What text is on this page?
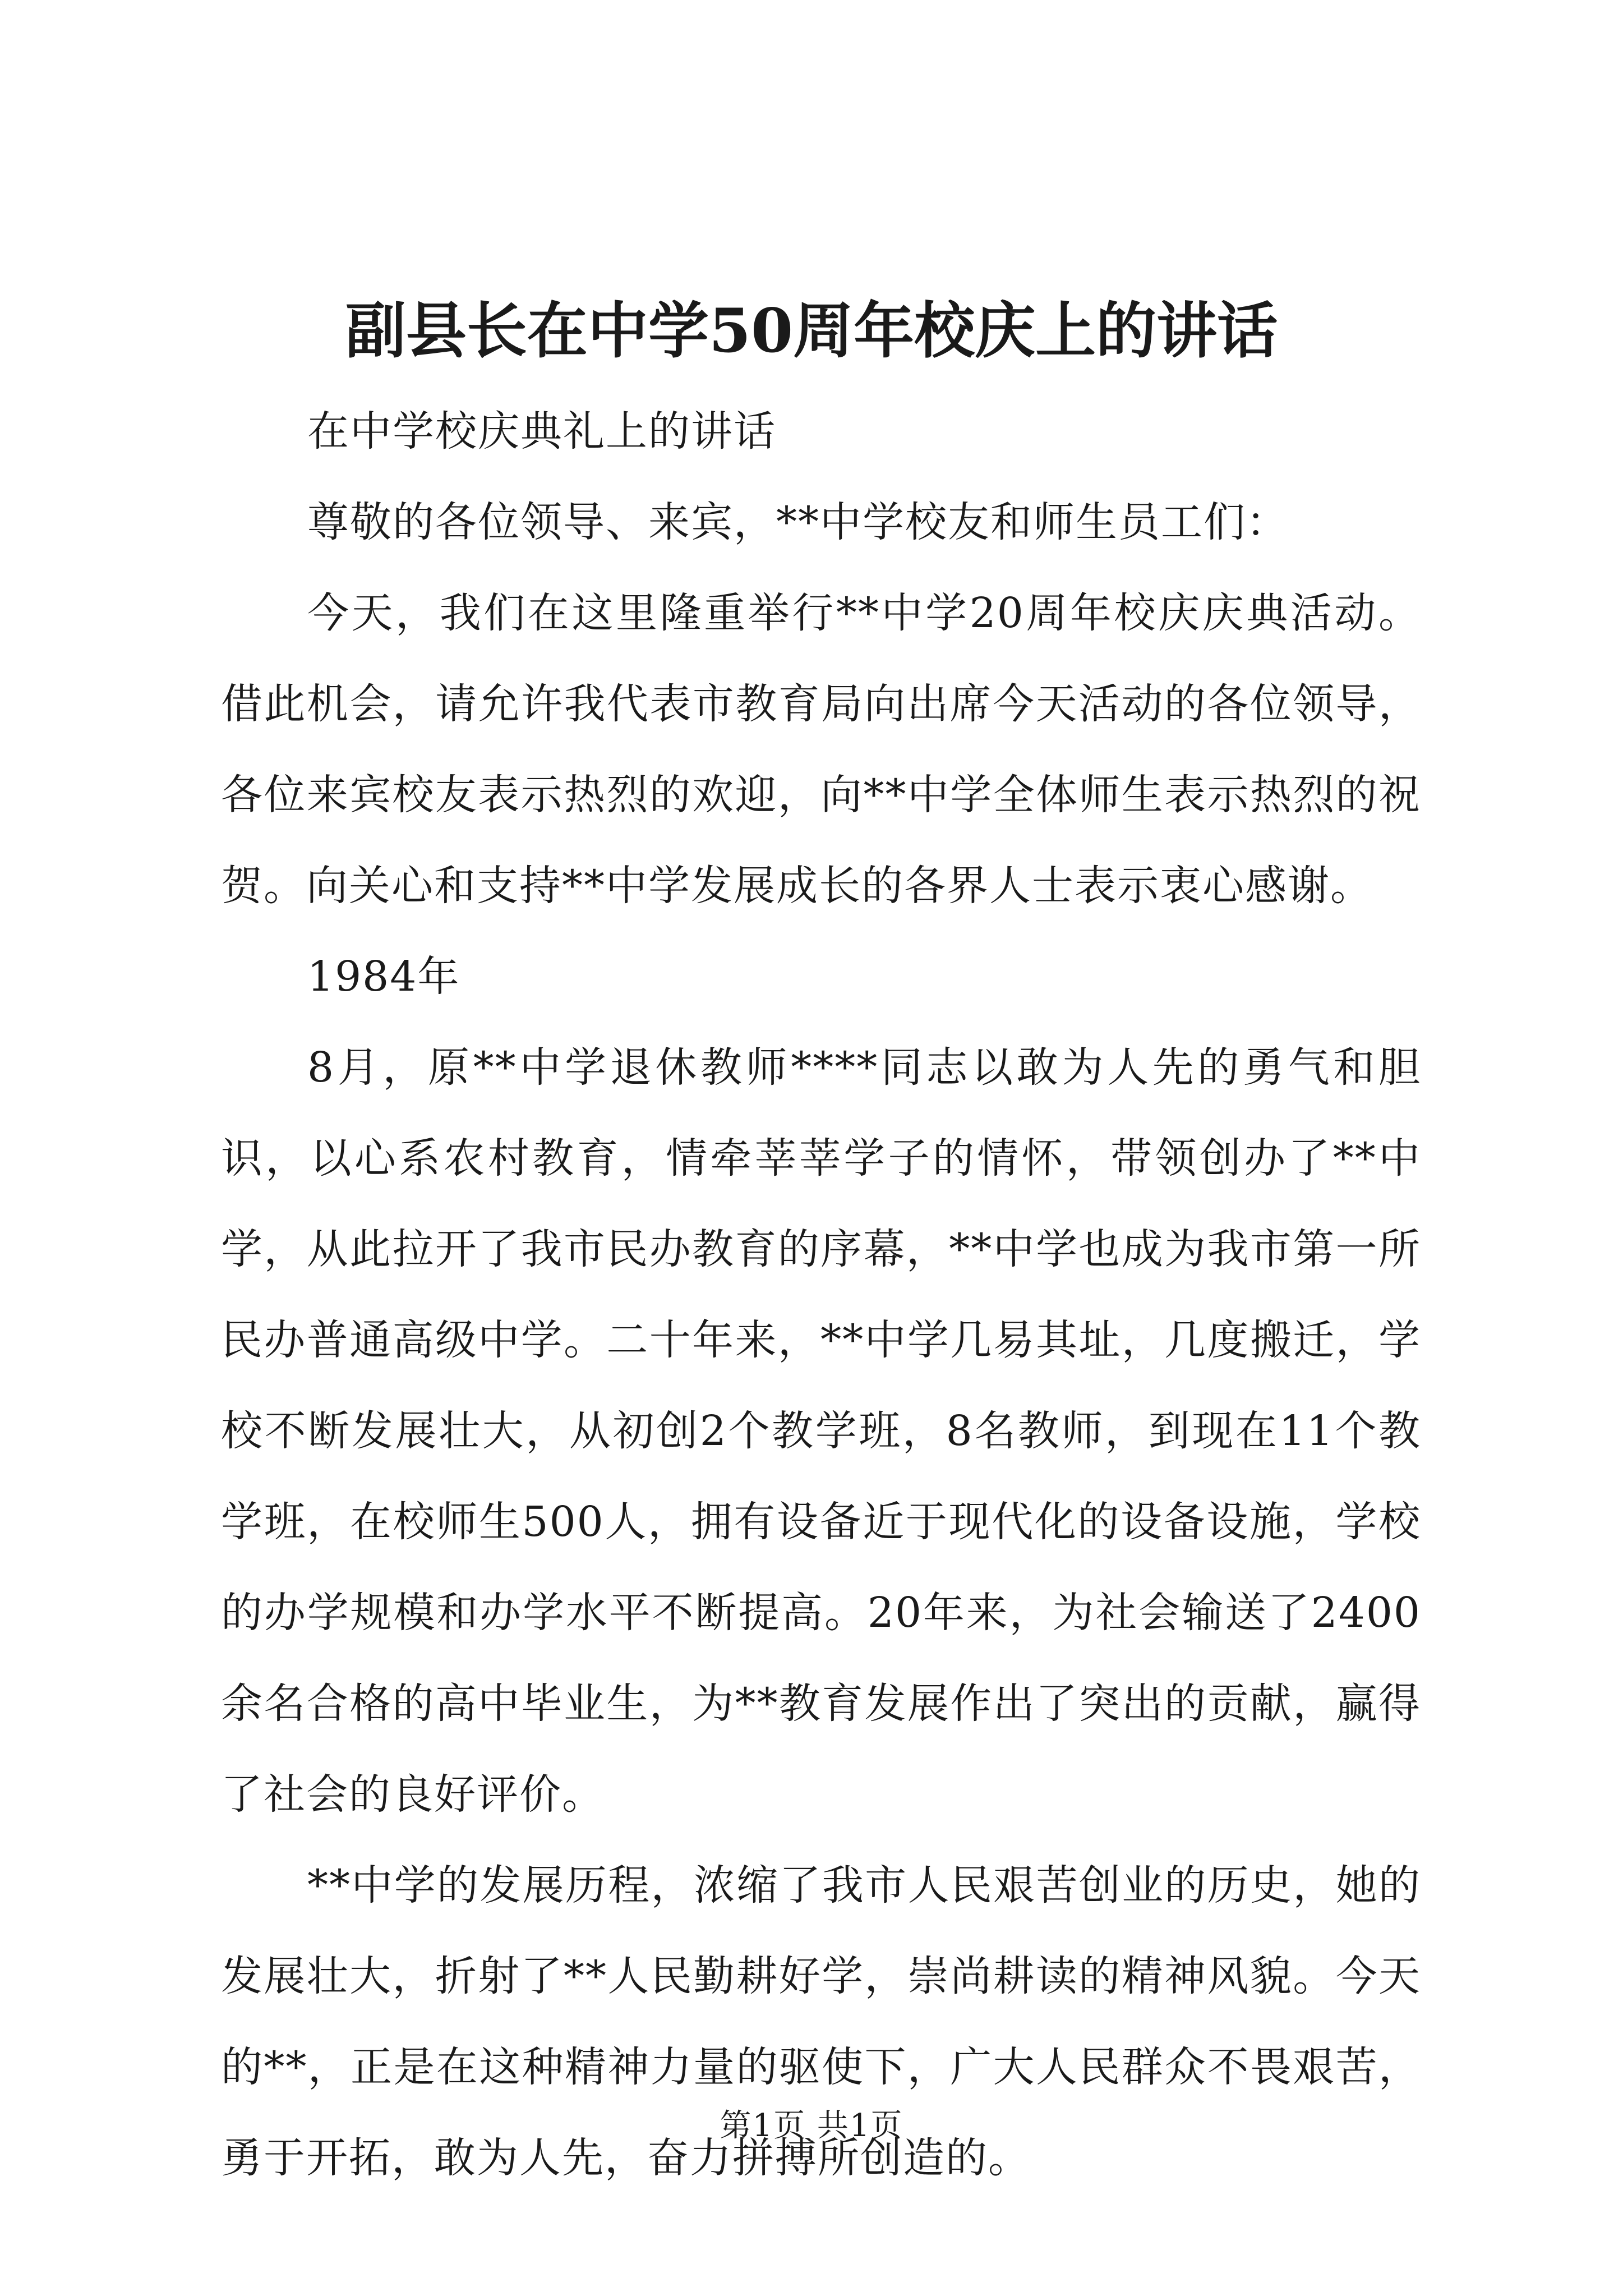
副县长在中学50周年校庆上的讲话

在中学校庆典礼上的讲话

尊敬的各位领导、来宾，**中学校友和师生员工们：

今天，我们在这里隆重举行**中学20周年校庆庆典活动。借此机会，请允许我代表市教育局向出席今天活动的各位领导，各位来宾校友表示热烈的欢迎，向**中学全体师生表示热烈的祝贺。向关心和支持**中学发展成长的各界人士表示衷心感谢。

1984年

8月，原**中学退休教师****同志以敢为人先的勇气和胆识，以心系农村教育，情牵莘莘学子的情怀，带领创办了**中学，从此拉开了我市民办教育的序幕，**中学也成为我市第一所民办普通高级中学。二十年来，**中学几易其址，几度搬迁，学校不断发展壮大，从初创2个教学班，8名教师，到现在11个教学班，在校师生500人，拥有设备近于现代化的设备设施，学校的办学规模和办学水平不断提高。20年来，为社会输送了2400余名合格的高中毕业生，为**教育发展作出了突出的贡献，赢得了社会的良好评价。

**中学的发展历程，浓缩了我市人民艰苦创业的历史，她的发展壮大，折射了**人民勤耕好学，崇尚耕读的精神风貌。今天的**，正是在这种精神力量的驱使下，广大人民群众不畏艰苦，勇于开拓，敢为人先，奋力拼搏所创造的。

第1页 共1页
